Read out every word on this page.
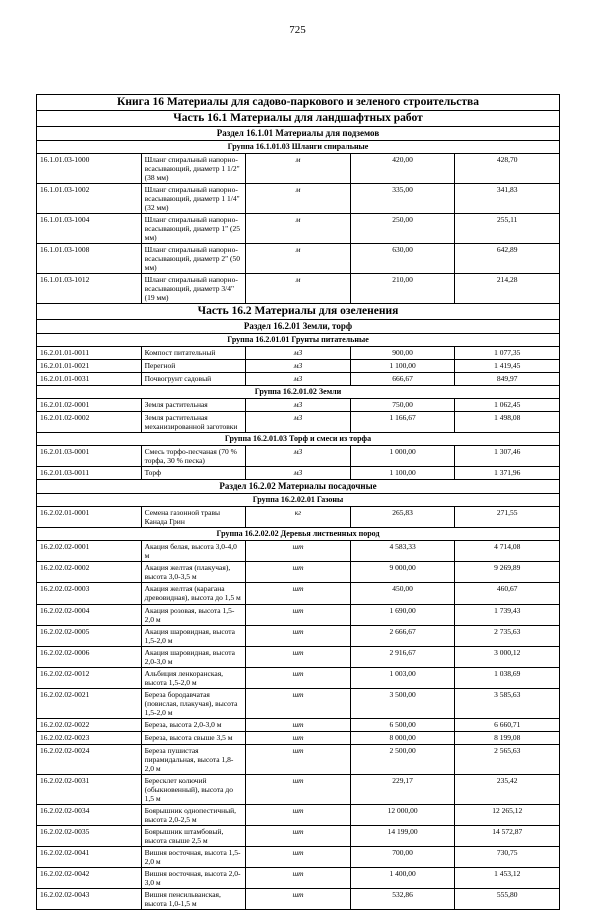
725
Книга 16 Материалы для садово-паркового и зеленого строительства				
Часть 16.1 Материалы для ландшафтных работ				
Раздел 16.1.01 Материалы для подземов				
Группа 16.1.01.03 Шланги спиральные				
16.1.01.03-1000	Шланг спиральный напорно-всасывающий, диаметр 1 1/2" (38 мм)	м	420,00	428,70
16.1.01.03-1002	Шланг спиральный напорно-всасывающий, диаметр 1 1/4" (32 мм)	м	335,00	341,83
16.1.01.03-1004	Шланг спиральный напорно-всасывающий, диаметр 1" (25 мм)	м	250,00	255,11
16.1.01.03-1008	Шланг спиральный напорно-всасывающий, диаметр 2" (50 мм)	м	630,00	642,89
16.1.01.03-1012	Шланг спиральный напорно-всасывающий, диаметр 3/4" (19 мм)	м	210,00	214,28
Часть 16.2 Материалы для озеленения				
Раздел 16.2.01 Земли, торф				
Группа 16.2.01.01 Грунты питательные				
16.2.01.01-0011	Компост питательный	м3	900,00	1 077,35
16.2.01.01-0021	Перегной	м3	1 100,00	1 419,45
16.2.01.01-0031	Почвогрунт садовый	м3	666,67	849,97
Группа 16.2.01.02 Земли				
16.2.01.02-0001	Земля растительная	м3	750,00	1 062,45
16.2.01.02-0002	Земля растительная механизированной заготовки	м3	1 166,67	1 498,08
Группа 16.2.01.03 Торф и смеси из торфа				
16.2.01.03-0001	Смесь торфо-песчаная (70 % торфа, 30 % песка)	м3	1 000,00	1 307,46
16.2.01.03-0011	Торф	м3	1 100,00	1 371,96
Раздел 16.2.02 Материалы посадочные				
Группа 16.2.02.01 Газоны				
16.2.02.01-0001	Семена газонной травы Канада Грин	кг	265,83	271,55
Группа 16.2.02.02 Деревья лиственных пород				
16.2.02.02-0001	Акация белая, высота 3,0-4,0 м	шт	4 583,33	4 714,08
16.2.02.02-0002	Акация желтая (плакучая), высота 3,0-3,5 м	шт	9 000,00	9 269,89
16.2.02.02-0003	Акация желтая (карагана древовидная), высота до 1,5 м	шт	450,00	460,67
16.2.02.02-0004	Акация розовая, высота 1,5-2,0 м	шт	1 690,00	1 739,43
16.2.02.02-0005	Акация шаровидная, высота 1,5-2,0 м	шт	2 666,67	2 735,63
16.2.02.02-0006	Акация шаровидная, высота 2,0-3,0 м	шт	2 916,67	3 000,12
16.2.02.02-0012	Альбиция ленкоранская, высота 1,5-2,0 м	шт	1 003,00	1 038,69
16.2.02.02-0021	Береза бородавчатая (повислая, плакучая), высота 1,5-2,0 м	шт	3 500,00	3 585,63
16.2.02.02-0022	Береза, высота 2,0-3,0 м	шт	6 500,00	6 660,71
16.2.02.02-0023	Береза, высота свыше 3,5 м	шт	8 000,00	8 199,08
16.2.02.02-0024	Береза пушистая пирамидальная, высота 1,8-2,0 м	шт	2 500,00	2 565,63
16.2.02.02-0031	Бересклет колючий (обыкновенный), высота до 1,5 м	шт	229,17	235,42
16.2.02.02-0034	Боярышник однопестичный, высота 2,0-2,5 м	шт	12 000,00	12 265,12
16.2.02.02-0035	Боярышник штамбовый, высота свыше 2,5 м	шт	14 199,00	14 572,87
16.2.02.02-0041	Вишня восточная, высота 1,5-2,0 м	шт	700,00	730,75
16.2.02.02-0042	Вишня восточная, высота 2,0-3,0 м	шт	1 400,00	1 453,12
16.2.02.02-0043	Вишня пенсильванская, высота 1,0-1,5 м	шт	532,86	555,80
